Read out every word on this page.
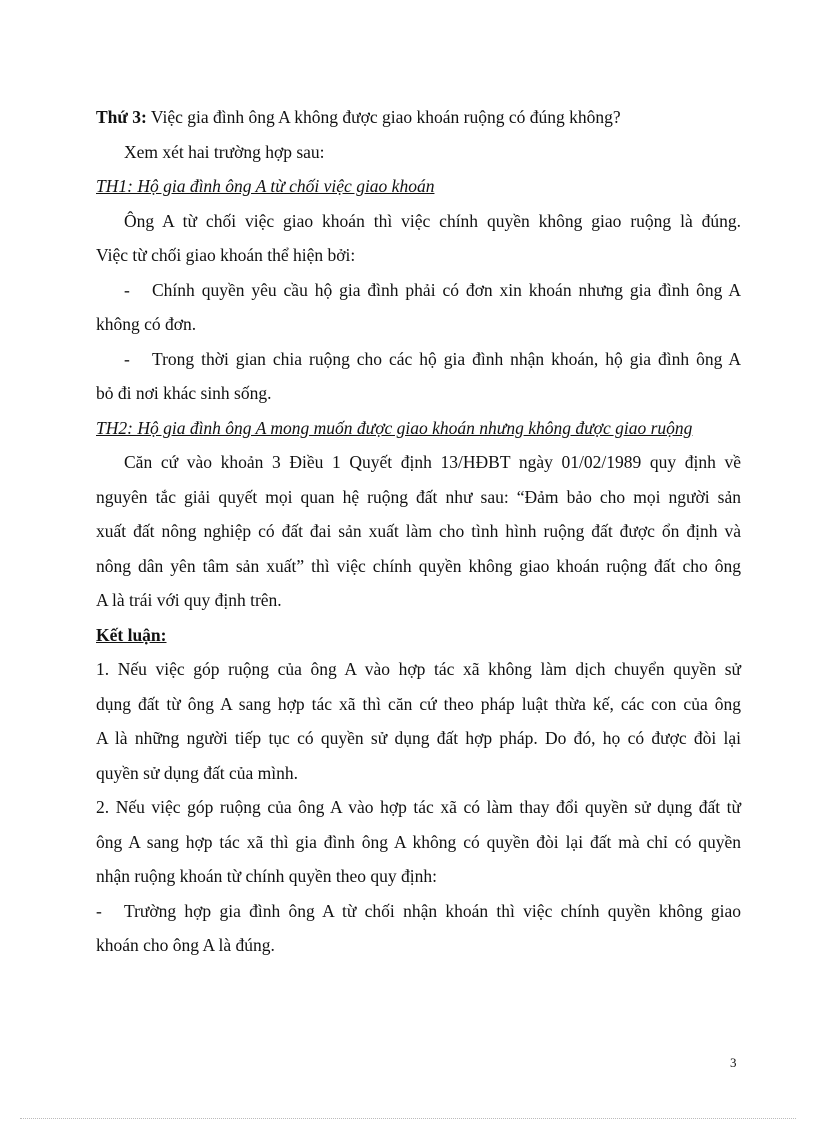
Thứ 3: Việc gia đình ông A không được giao khoán ruộng có đúng không?

Xem xét hai trường hợp sau:

TH1: Hộ gia đình ông A từ chối việc giao khoán

Ông A từ chối việc giao khoán thì việc chính quyền không giao ruộng là đúng.

Việc từ chối giao khoán thể hiện bởi:

-	Chính quyền yêu cầu hộ gia đình phải có đơn xin khoán nhưng gia đình ông A

không có đơn.

-	Trong thời gian chia ruộng cho các hộ gia đình nhận khoán, hộ gia đình ông A

bỏ đi nơi khác sinh sống.

TH2: Hộ gia đình ông A mong muốn được giao khoán nhưng không được giao ruộng

Căn cứ vào khoản 3 Điều 1 Quyết định 13/HĐBT ngày 01/02/1989 quy định về

nguyên tắc giải quyết mọi quan hệ ruộng đất như sau: “Đảm bảo cho mọi người sản

xuất đất nông nghiệp có đất đai sản xuất làm cho tình hình ruộng đất được ổn định và

nông dân yên tâm sản xuất” thì việc chính quyền không giao khoán ruộng đất cho ông

A là trái với quy định trên.

Kết luận:

1. Nếu việc góp ruộng của ông A vào hợp tác xã không làm dịch chuyển quyền sử

dụng đất từ ông A sang hợp tác xã thì căn cứ theo pháp luật thừa kế, các con của ông

A là những người tiếp tục có quyền sử dụng đất hợp pháp. Do đó, họ có được đòi lại

quyền sử dụng đất của mình.

2. Nếu việc góp ruộng của ông A vào hợp tác xã có làm thay đổi quyền sử dụng đất từ

ông A sang hợp tác xã thì gia đình ông A không có quyền đòi lại đất mà chỉ có quyền

nhận ruộng khoán từ chính quyền theo quy định:

-	Trường hợp gia đình ông A từ chối nhận khoán thì việc chính quyền không giao

khoán cho ông A là đúng.

3
